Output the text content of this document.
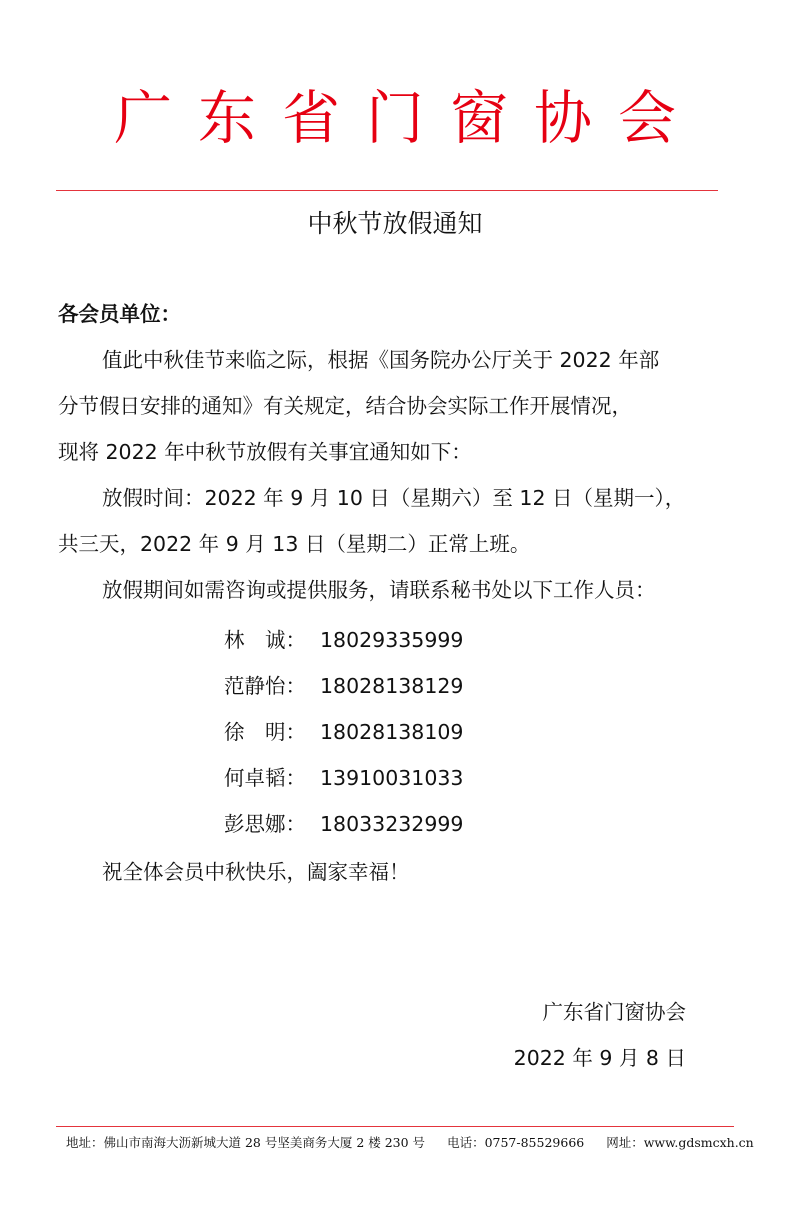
广东省门窗协会
中秋节放假通知
各会员单位：
值此中秋佳节来临之际，根据《国务院办公厅关于 2022 年部
分节假日安排的通知》有关规定，结合协会实际工作开展情况，
现将 2022 年中秋节放假有关事宜通知如下：
放假时间：2022 年 9 月 10 日（星期六）至 12 日（星期一），
共三天，2022 年 9 月 13 日（星期二）正常上班。
放假期间如需咨询或提供服务，请联系秘书处以下工作人员：
林　诚： 18029335999
范静怡： 18028138129
徐　明： 18028138109
何卓韬： 13910031033
彭思娜： 18033232999
祝全体会员中秋快乐，阖家幸福！
广东省门窗协会
2022 年 9 月 8 日
地址：佛山市南海大沥新城大道 28 号坚美商务大厦 2 楼 230 号 电话：0757-85529666 网址：www.gdsmcxh.cn
